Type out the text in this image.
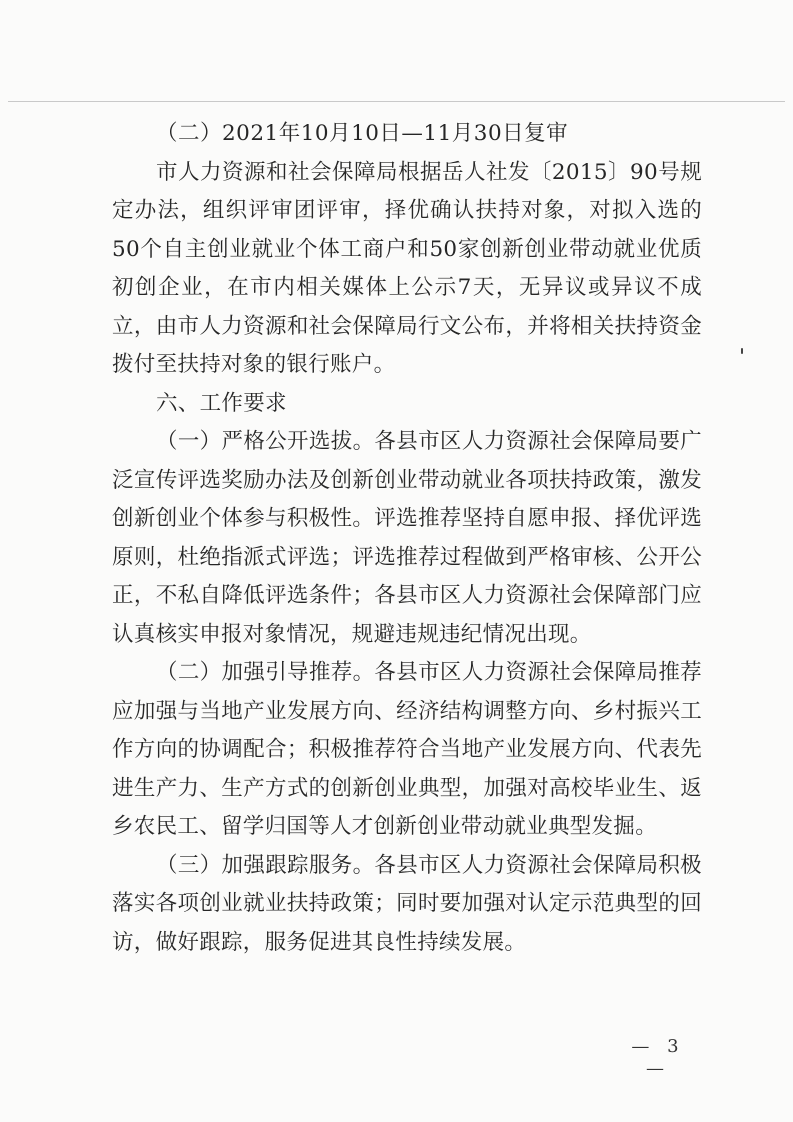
（二）2021年10月10日—11月30日复审

市人力资源和社会保障局根据岳人社发〔2015〕90号规定办法，组织评审团评审，择优确认扶持对象，对拟入选的50个自主创业就业个体工商户和50家创新创业带动就业优质初创企业，在市内相关媒体上公示7天，无异议或异议不成立，由市人力资源和社会保障局行文公布，并将相关扶持资金拨付至扶持对象的银行账户。

六、工作要求

（一）严格公开选拔。各县市区人力资源社会保障局要广泛宣传评选奖励办法及创新创业带动就业各项扶持政策，激发创新创业个体参与积极性。评选推荐坚持自愿申报、择优评选原则，杜绝指派式评选；评选推荐过程做到严格审核、公开公正，不私自降低评选条件；各县市区人力资源社会保障部门应认真核实申报对象情况，规避违规违纪情况出现。

（二）加强引导推荐。各县市区人力资源社会保障局推荐应加强与当地产业发展方向、经济结构调整方向、乡村振兴工作方向的协调配合；积极推荐符合当地产业发展方向、代表先进生产力、生产方式的创新创业典型，加强对高校毕业生、返乡农民工、留学归国等人才创新创业带动就业典型发掘。

（三）加强跟踪服务。各县市区人力资源社会保障局积极落实各项创业就业扶持政策；同时要加强对认定示范典型的回访，做好跟踪，服务促进其良性持续发展。

— 3 —
